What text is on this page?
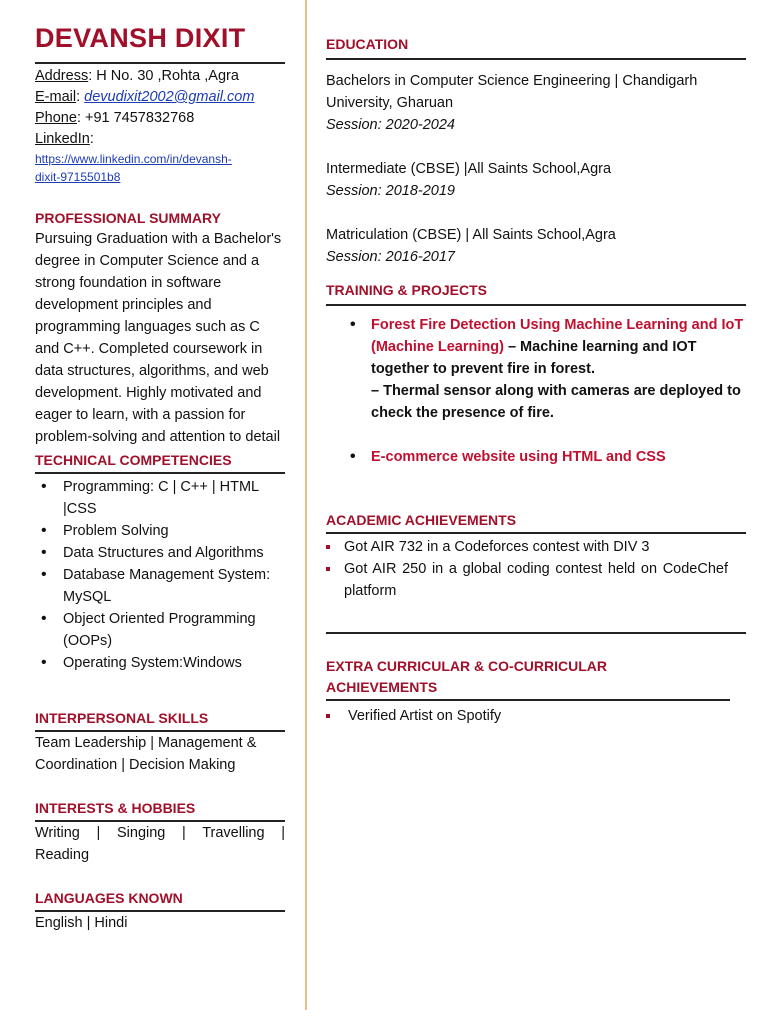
DEVANSH DIXIT
Address: H No. 30 ,Rohta ,Agra
E-mail: devudixit2002@gmail.com
Phone: +91 7457832768
LinkedIn:
https://www.linkedin.com/in/devansh-
dixit-9715501b8
PROFESSIONAL SUMMARY
Pursuing Graduation with a Bachelor's degree in Computer Science and a strong foundation in software development principles and programming languages such as C and C++. Completed coursework in data structures, algorithms, and web development. Highly motivated and eager to learn, with a passion for problem-solving and attention to detail
TECHNICAL COMPETENCIES
• Programming: C | C++ | HTML |CSS
• Problem Solving
• Data Structures and Algorithms
• Database Management System: MySQL
• Object Oriented Programming (OOPs)
• Operating System:Windows
INTERPERSONAL SKILLS
Team Leadership | Management & Coordination | Decision Making
INTERESTS & HOBBIES
Writing | Singing | Travelling | Reading
LANGUAGES KNOWN
English | Hindi
EDUCATION
Bachelors in Computer Science Engineering | Chandigarh University, Gharuan
Session: 2020-2024
Intermediate (CBSE) |All Saints School,Agra
Session: 2018-2019
Matriculation (CBSE) | All Saints School,Agra
Session: 2016-2017
TRAINING & PROJECTS
• Forest Fire Detection Using Machine Learning and IoT (Machine Learning) – Machine learning and IOT together to prevent fire in forest.
– Thermal sensor along with cameras are deployed to check the presence of fire.
• E-commerce website using HTML and CSS
ACADEMIC ACHIEVEMENTS
Got AIR 732 in a Codeforces contest with DIV 3
Got AIR 250 in a global coding contest held on CodeChef platform
EXTRA CURRICULAR & CO-CURRICULAR ACHIEVEMENTS
Verified Artist on Spotify
